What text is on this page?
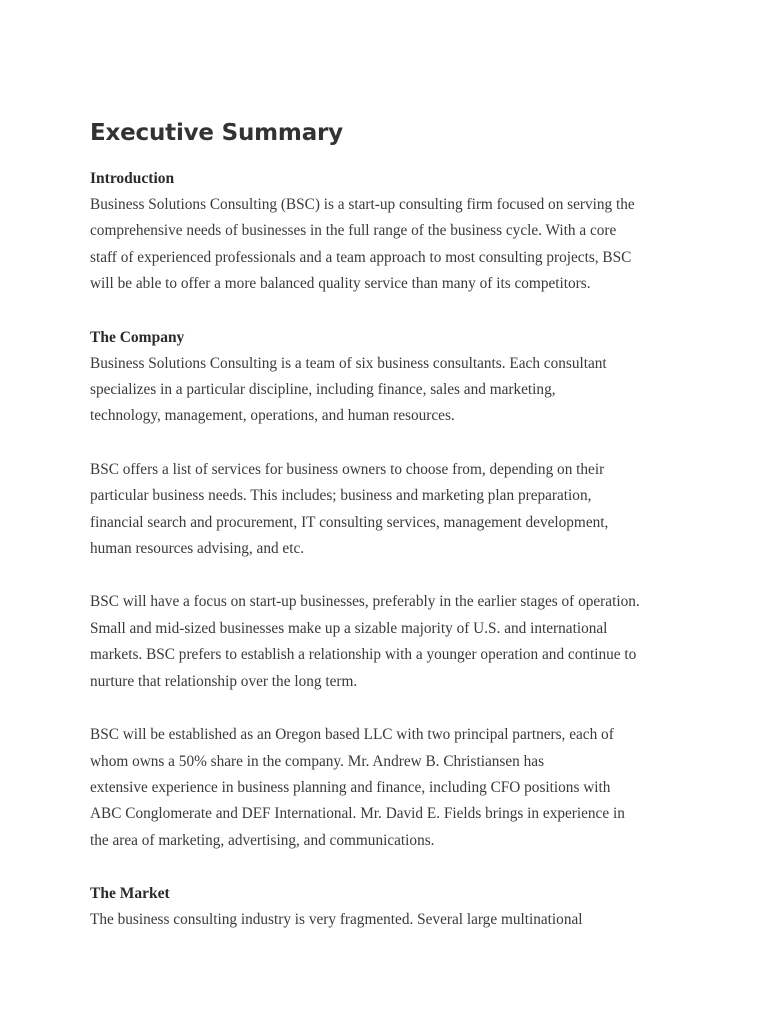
Executive Summary
Introduction
Business Solutions Consulting (BSC) is a start-up consulting firm focused on serving the
comprehensive needs of businesses in the full range of the business cycle. With a core
staff of experienced professionals and a team approach to most consulting projects, BSC
will be able to offer a more balanced quality service than many of its competitors.
The Company
Business Solutions Consulting is a team of six business consultants. Each consultant
specializes in a particular discipline, including finance, sales and marketing,
technology, management, operations, and human resources.
BSC offers a list of services for business owners to choose from, depending on their
particular business needs. This includes; business and marketing plan preparation,
financial search and procurement, IT consulting services, management development,
human resources advising, and etc.
BSC will have a focus on start-up businesses, preferably in the earlier stages of operation.
Small and mid-sized businesses make up a sizable majority of U.S. and international
markets. BSC prefers to establish a relationship with a younger operation and continue to
nurture that relationship over the long term.
BSC will be established as an Oregon based LLC with two principal partners, each of
whom owns a 50% share in the company. Mr. Andrew B. Christiansen has
extensive experience in business planning and finance, including CFO positions with
ABC Conglomerate and DEF International. Mr. David E. Fields brings in experience in
the area of marketing, advertising, and communications.
The Market
The business consulting industry is very fragmented. Several large multinational
